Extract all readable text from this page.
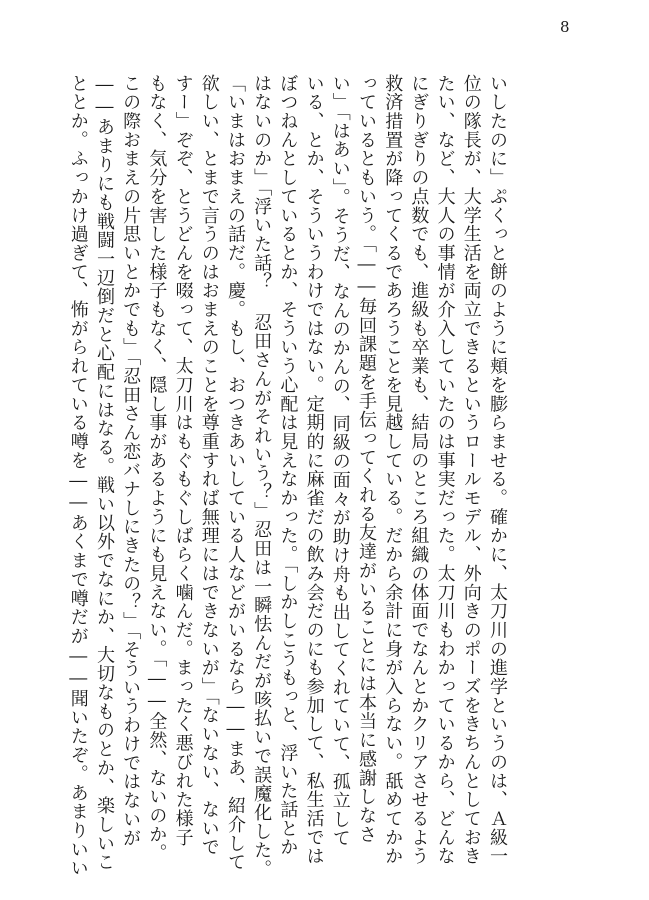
8
いしたのに」ぷくっと餅のように頬を膨らませる。確かに、太刀川の進学というのは、Ａ級一
位の隊長が、大学生活を両立できるというロールモデル、外向きのポーズをきちんとしておき
たい、など、大人の事情が介入していたのは事実だった。太刀川もわかっているから、どんな
にぎりぎりの点数でも、進級も卒業も、結局のところ組織の体面でなんとかクリアさせるよう
救済措置が降ってくるであろうことを見越している。だから余計に身が入らない。舐めてかか
っているともいう。「――毎回課題を手伝ってくれる友達がいることには本当に感謝しなさ
い」「はあい」。そうだ、なんのかんの、同級の面々が助け舟も出してくれていて、孤立して
いる、とか、そういうわけではない。定期的に麻雀だの飲み会だのにも参加して、私生活では
ぼつねんとしているとか、そういう心配は見えなかった。「しかしこうもっと、浮いた話とか
はないのか」「浮いた話？ 忍田さんがそれいう？」忍田は一瞬怯んだが咳払いで誤魔化した。
「いまはおまえの話だ。慶。もし、おつきあいしている人などがいるなら――まあ、紹介して
欲しい、とまで言うのはおまえのことを尊重すれば無理にはできないが」「ないない、ないで
すー」ぞぞ、とうどんを啜って、太刀川はもぐもぐしばらく噛んだ。まったく悪びれた様子
もなく、気分を害した様子もなく、隠し事があるようにも見えない。「――全然、ないのか。
この際おまえの片思いとかでも」「忍田さん恋バナしにきたの？」「そういうわけではないが
――あまりにも戦闘一辺倒だと心配にはなる。戦い以外でなにか、大切なものとか、楽しいこ
ととか。ふっかけ過ぎて、怖がられている噂を――あくまで噂だが――聞いたぞ。あまりいい
